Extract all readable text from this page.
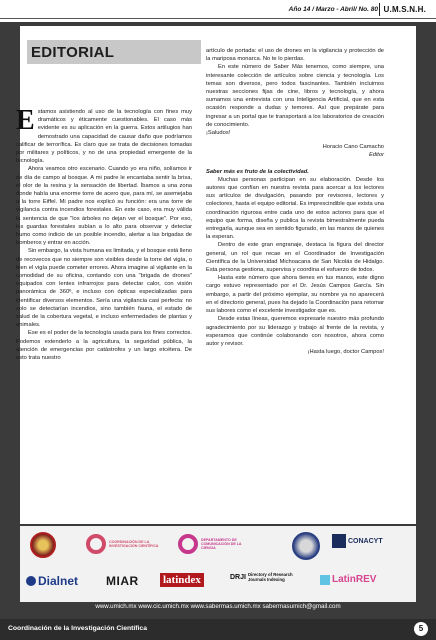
Año 14 / Marzo - Abril/ No. 80 U.M.S.N.H.
EDITORIAL

Estamos asistiendo al uso de la tecnología con fines muy dramáticos y éticamente cuestionables. El caso más evidente es su aplicación en la guerra. Estos artilugios han demostrado una capacidad de causar daño que podríamos calificar de terrorífica. Es claro que se trata de decisiones tomadas por militares y políticos, y no de una propiedad emergente de la tecnología.

Ahora veamos otro escenario. Cuando yo era niño, solíamos ir de día de campo al bosque. A mi padre le encantaba sentir la brisa, el olor de la resina y la sensación de libertad. Íbamos a una zona donde había una enorme torre de acero que, para mí, se asemejaba a la torre Eiffel. Mi padre nos explicó su función: era una torre de vigilancia contra incendios forestales. En este caso, era muy válida la sentencia de que "los árboles no dejan ver el bosque". Por eso, los guardas forestales subían a lo alto para observar y detectar humo como indicio de un posible incendio, alertar a las brigadas de bomberos y entrar en acción.

Sin embargo, la vista humana es limitada, y el bosque está lleno de recovecos que no siempre son visibles desde la torre del vigía, o bien el vigía puede cometer errores. Ahora imagine al vigilante en la comodidad de su oficina, contando con una "brigada de drones" equipados con lentes infrarrojos para detectar calor, con visión panorámica de 360º, e incluso con ópticas especializadas para identificar diversos elementos. Sería una vigilancia casi perfecta: no solo se detectarían incendios, sino también fauna, el estado de salud de la cobertura vegetal, e incluso enfermedades de plantas y animales.

Ese es el poder de la tecnología usada para los fines correctos. Podemos extenderlo a la agricultura, la seguridad pública, la atención de emergencias por catástrofes y un largo etcétera. De esto trata nuestro

artículo de portada: el uso de drones en la vigilancia y protección de la mariposa monarca. No te lo pierdas.

En este número de Saber Más tenemos, como siempre, una interesante colección de artículos sobre ciencia y tecnología. Los temas son diversos, pero todos fascinantes. También incluimos nuestras secciones fijas de cine, libros y tecnología, y ahora sumamos una entrevista con una Inteligencia Artificial, que en esta ocasión responde a dudas y temores. Así que prepárate para ingresar a un portal que te transportará a los laboratorios de creación de conocimiento.

¡Saludos!

Horacio Cano Camacho

Editor

Saber más es fruto de la colectividad.

Muchas personas participan en su elaboración. Desde los autores que confían en nuestra revista para acercar a los lectores sus artículos de divulgación, pasando por revisores, lectores y colectores, hasta el equipo editorial. Es imprescindible que exista una coordinación rigurosa entre cada uno de estos actores para que el equipo que forma, diseña y publica la revista bimestralmente pueda entregarla, aunque sea en sentido figurado, en las manos de quienes la esperan.

Dentro de este gran engranaje, destaca la figura del director general, un rol que recae en el Coordinador de Investigación Científica de la Universidad Michoacana de San Nicolás de Hidalgo. Esta persona gestiona, supervisa y coordina el esfuerzo de todos.

Hasta este número que ahora tienes en tus manos, este digno cargo estuvo representado por el Dr. Jesús Campos García. Sin embargo, a partir del próximo ejemplar, su nombre ya no aparecerá en el directorio general, pues ha dejado la Coordinación para retomar sus labores como el excelente investigador que es.

Desde estas líneas, queremos expresarle nuestro más profundo agradecimiento por su liderazgo y trabajo al frente de la revista, y esperamos que continúe colaborando con nosotros, ahora como autor y revisor.

¡Hasta luego, doctor Campos!

COORDINACIÓN DE LA INVESTIGACIÓN CIENTÍFICA
DEPARTAMENTO DE COMUNICACIÓN DE LA CIENCIA
CONACYT
Dialnet MIAR latindex	DRJI Directory of Research Journals Indexing	LatinREV
www.umich.mx www.cic.umich.mx www.sabermas.umich.mx sabermasumich@gmail.com
Coordinación de la Investigación Científica	5
